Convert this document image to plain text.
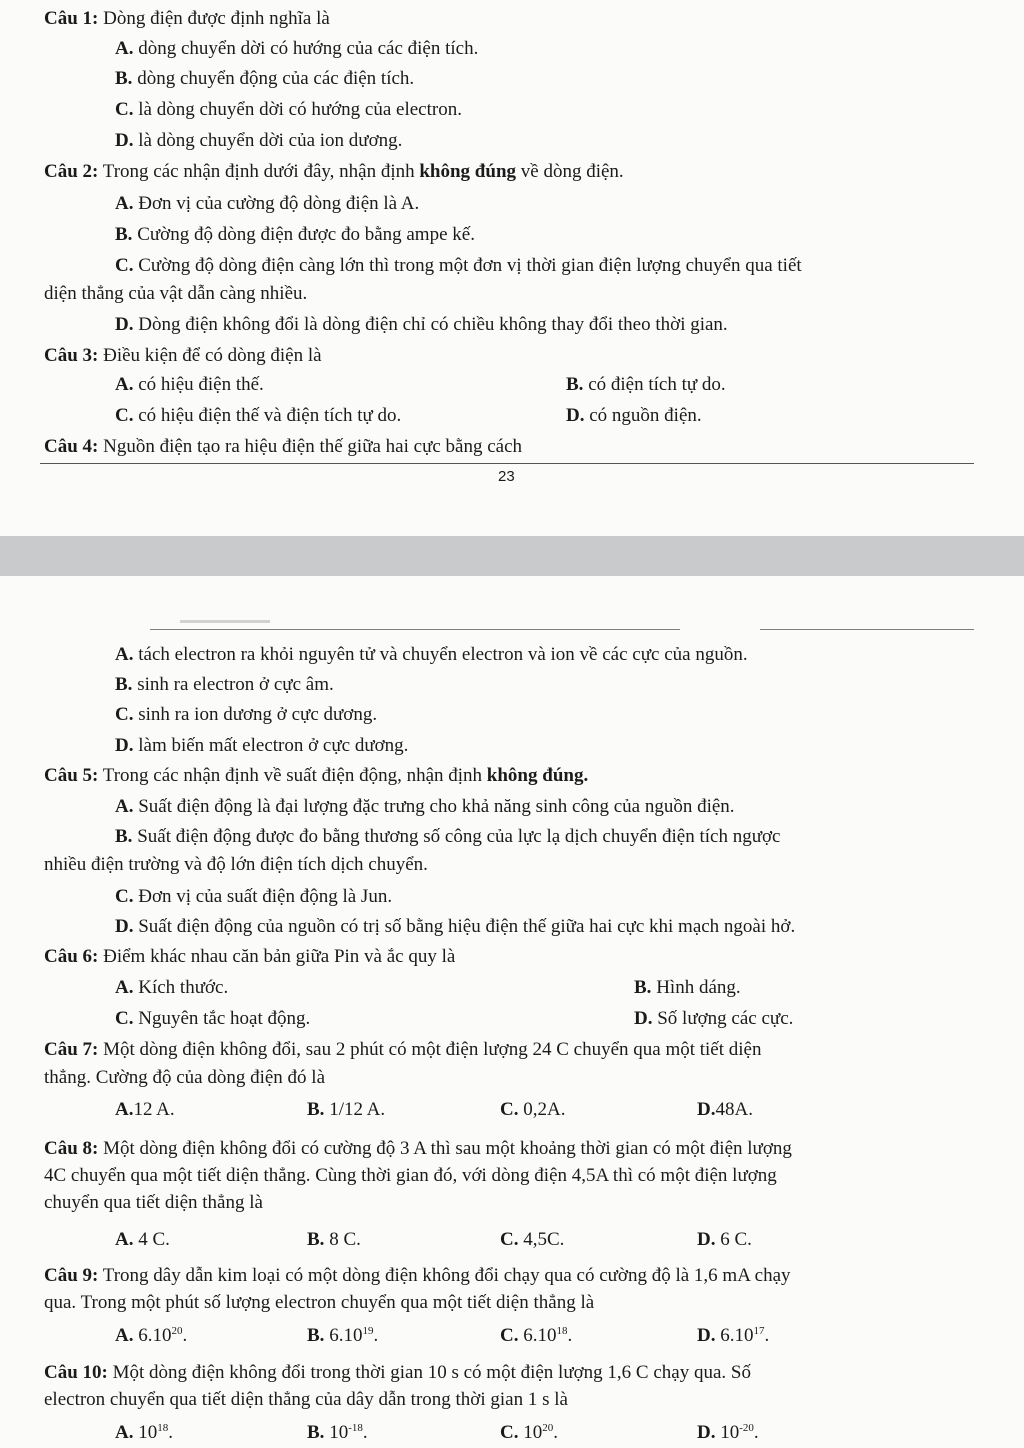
Câu 1: Dòng điện được định nghĩa là
A. dòng chuyển dời có hướng của các điện tích.
B. dòng chuyển động của các điện tích.
C. là dòng chuyển dời có hướng của electron.
D. là dòng chuyển dời của ion dương.
Câu 2: Trong các nhận định dưới đây, nhận định không đúng về dòng điện.
A. Đơn vị của cường độ dòng điện là A.
B. Cường độ dòng điện được đo bằng ampe kế.
C. Cường độ dòng điện càng lớn thì trong một đơn vị thời gian điện lượng chuyển qua tiết
diện thẳng của vật dẫn càng nhiều.
D. Dòng điện không đổi là dòng điện chỉ có chiều không thay đổi theo thời gian.
Câu 3: Điều kiện để có dòng điện là
A. có hiệu điện thế.	B. có điện tích tự do.
C. có hiệu điện thế và điện tích tự do.	D. có nguồn điện.
Câu 4: Nguồn điện tạo ra hiệu điện thế giữa hai cực bằng cách
23
A. tách electron ra khỏi nguyên tử và chuyển electron và ion về các cực của nguồn.
B. sinh ra electron ở cực âm.
C. sinh ra ion dương ở cực dương.
D. làm biến mất electron ở cực dương.
Câu 5: Trong các nhận định về suất điện động, nhận định không đúng.
A. Suất điện động là đại lượng đặc trưng cho khả năng sinh công của nguồn điện.
B. Suất điện động được đo bằng thương số công của lực lạ dịch chuyển điện tích ngược
nhiều điện trường và độ lớn điện tích dịch chuyển.
C. Đơn vị của suất điện động là Jun.
D. Suất điện động của nguồn có trị số bằng hiệu điện thế giữa hai cực khi mạch ngoài hở.
Câu 6: Điểm khác nhau căn bản giữa Pin và ắc quy là
A. Kích thước.	B. Hình dáng.
C. Nguyên tắc hoạt động.	D. Số lượng các cực.
Câu 7: Một dòng điện không đổi, sau 2 phút có một điện lượng 24 C chuyển qua một tiết diện
thẳng. Cường độ của dòng điện đó là
A.12 A.	B. 1/12 A.	C. 0,2A.	D.48A.
Câu 8: Một dòng điện không đổi có cường độ 3 A thì sau một khoảng thời gian có một điện lượng
4C chuyển qua một tiết diện thẳng. Cùng thời gian đó, với dòng điện 4,5A thì có một điện lượng
chuyển qua tiết diện thẳng là
A. 4 C.	B. 8 C.	C. 4,5C.	D. 6 C.
Câu 9: Trong dây dẫn kim loại có một dòng điện không đổi chạy qua có cường độ là 1,6 mA chạy
qua. Trong một phút số lượng electron chuyển qua một tiết diện thẳng là
A. 6.10$^{20}$.	B. 6.10$^{19}$.	C. 6.10$^{18}$.	D. 6.10$^{17}$.
Câu 10: Một dòng điện không đổi trong thời gian 10 s có một điện lượng 1,6 C chạy qua. Số
electron chuyển qua tiết diện thẳng của dây dẫn trong thời gian 1 s là
A. $10^{18}$.	B. $10^{-18}$.	C. $10^{20}$.	D. $10^{-20}$.
